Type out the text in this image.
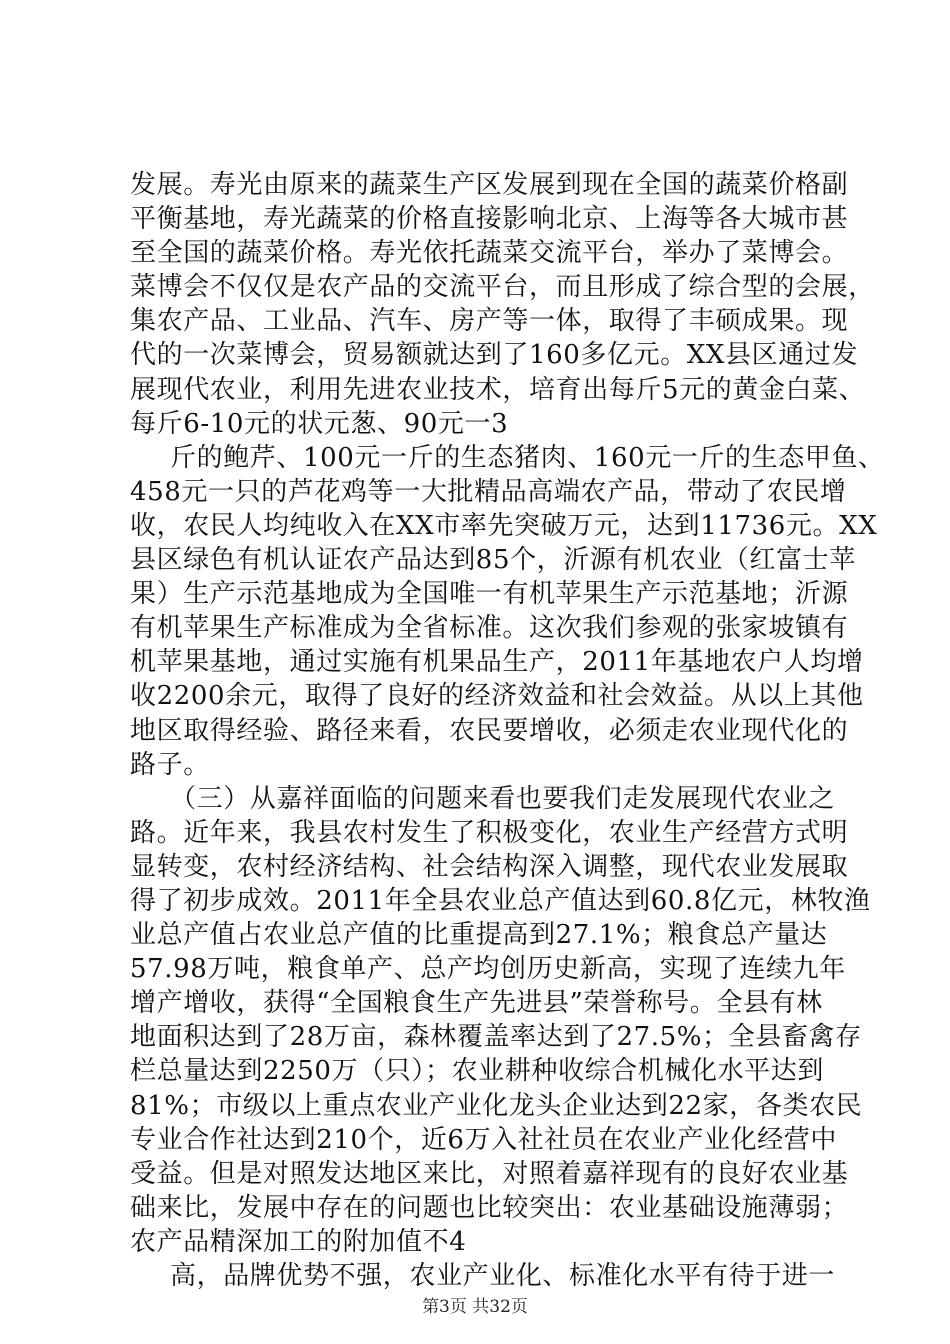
发展。寿光由原来的蔬菜生产区发展到现在全国的蔬菜价格副
平衡基地，寿光蔬菜的价格直接影响北京、上海等各大城市甚
至全国的蔬菜价格。寿光依托蔬菜交流平台，举办了菜博会。
菜博会不仅仅是农产品的交流平台，而且形成了综合型的会展，
集农产品、工业品、汽车、房产等一体，取得了丰硕成果。现
代的一次菜博会，贸易额就达到了160多亿元。XX县区通过发
展现代农业，利用先进农业技术，培育出每斤5元的黄金白菜、
每斤6-10元的状元葱、90元一3
斤的鲍芹、100元一斤的生态猪肉、160元一斤的生态甲鱼、
458元一只的芦花鸡等一大批精品高端农产品，带动了农民增
收，农民人均纯收入在XX市率先突破万元，达到11736元。XX
县区绿色有机认证农产品达到85个，沂源有机农业（红富士苹
果）生产示范基地成为全国唯一有机苹果生产示范基地；沂源
有机苹果生产标准成为全省标准。这次我们参观的张家坡镇有
机苹果基地，通过实施有机果品生产，2011年基地农户人均增
收2200余元，取得了良好的经济效益和社会效益。从以上其他
地区取得经验、路径来看，农民要增收，必须走农业现代化的
路子。
（三）从嘉祥面临的问题来看也要我们走发展现代农业之
路。近年来，我县农村发生了积极变化，农业生产经营方式明
显转变，农村经济结构、社会结构深入调整，现代农业发展取
得了初步成效。2011年全县农业总产值达到60.8亿元，林牧渔
业总产值占农业总产值的比重提高到27.1%；粮食总产量达
57.98万吨，粮食单产、总产均创历史新高，实现了连续九年
增产增收，获得“全国粮食生产先进县”荣誉称号。全县有林
地面积达到了28万亩，森林覆盖率达到了27.5%；全县畜禽存
栏总量达到2250万（只）；农业耕种收综合机械化水平达到
81%；市级以上重点农业产业化龙头企业达到22家，各类农民
专业合作社达到210个，近6万入社社员在农业产业化经营中
受益。但是对照发达地区来比，对照着嘉祥现有的良好农业基
础来比，发展中存在的问题也比较突出：农业基础设施薄弱；
农产品精深加工的附加值不4
高，品牌优势不强，农业产业化、标准化水平有待于进一
第3页 共32页
